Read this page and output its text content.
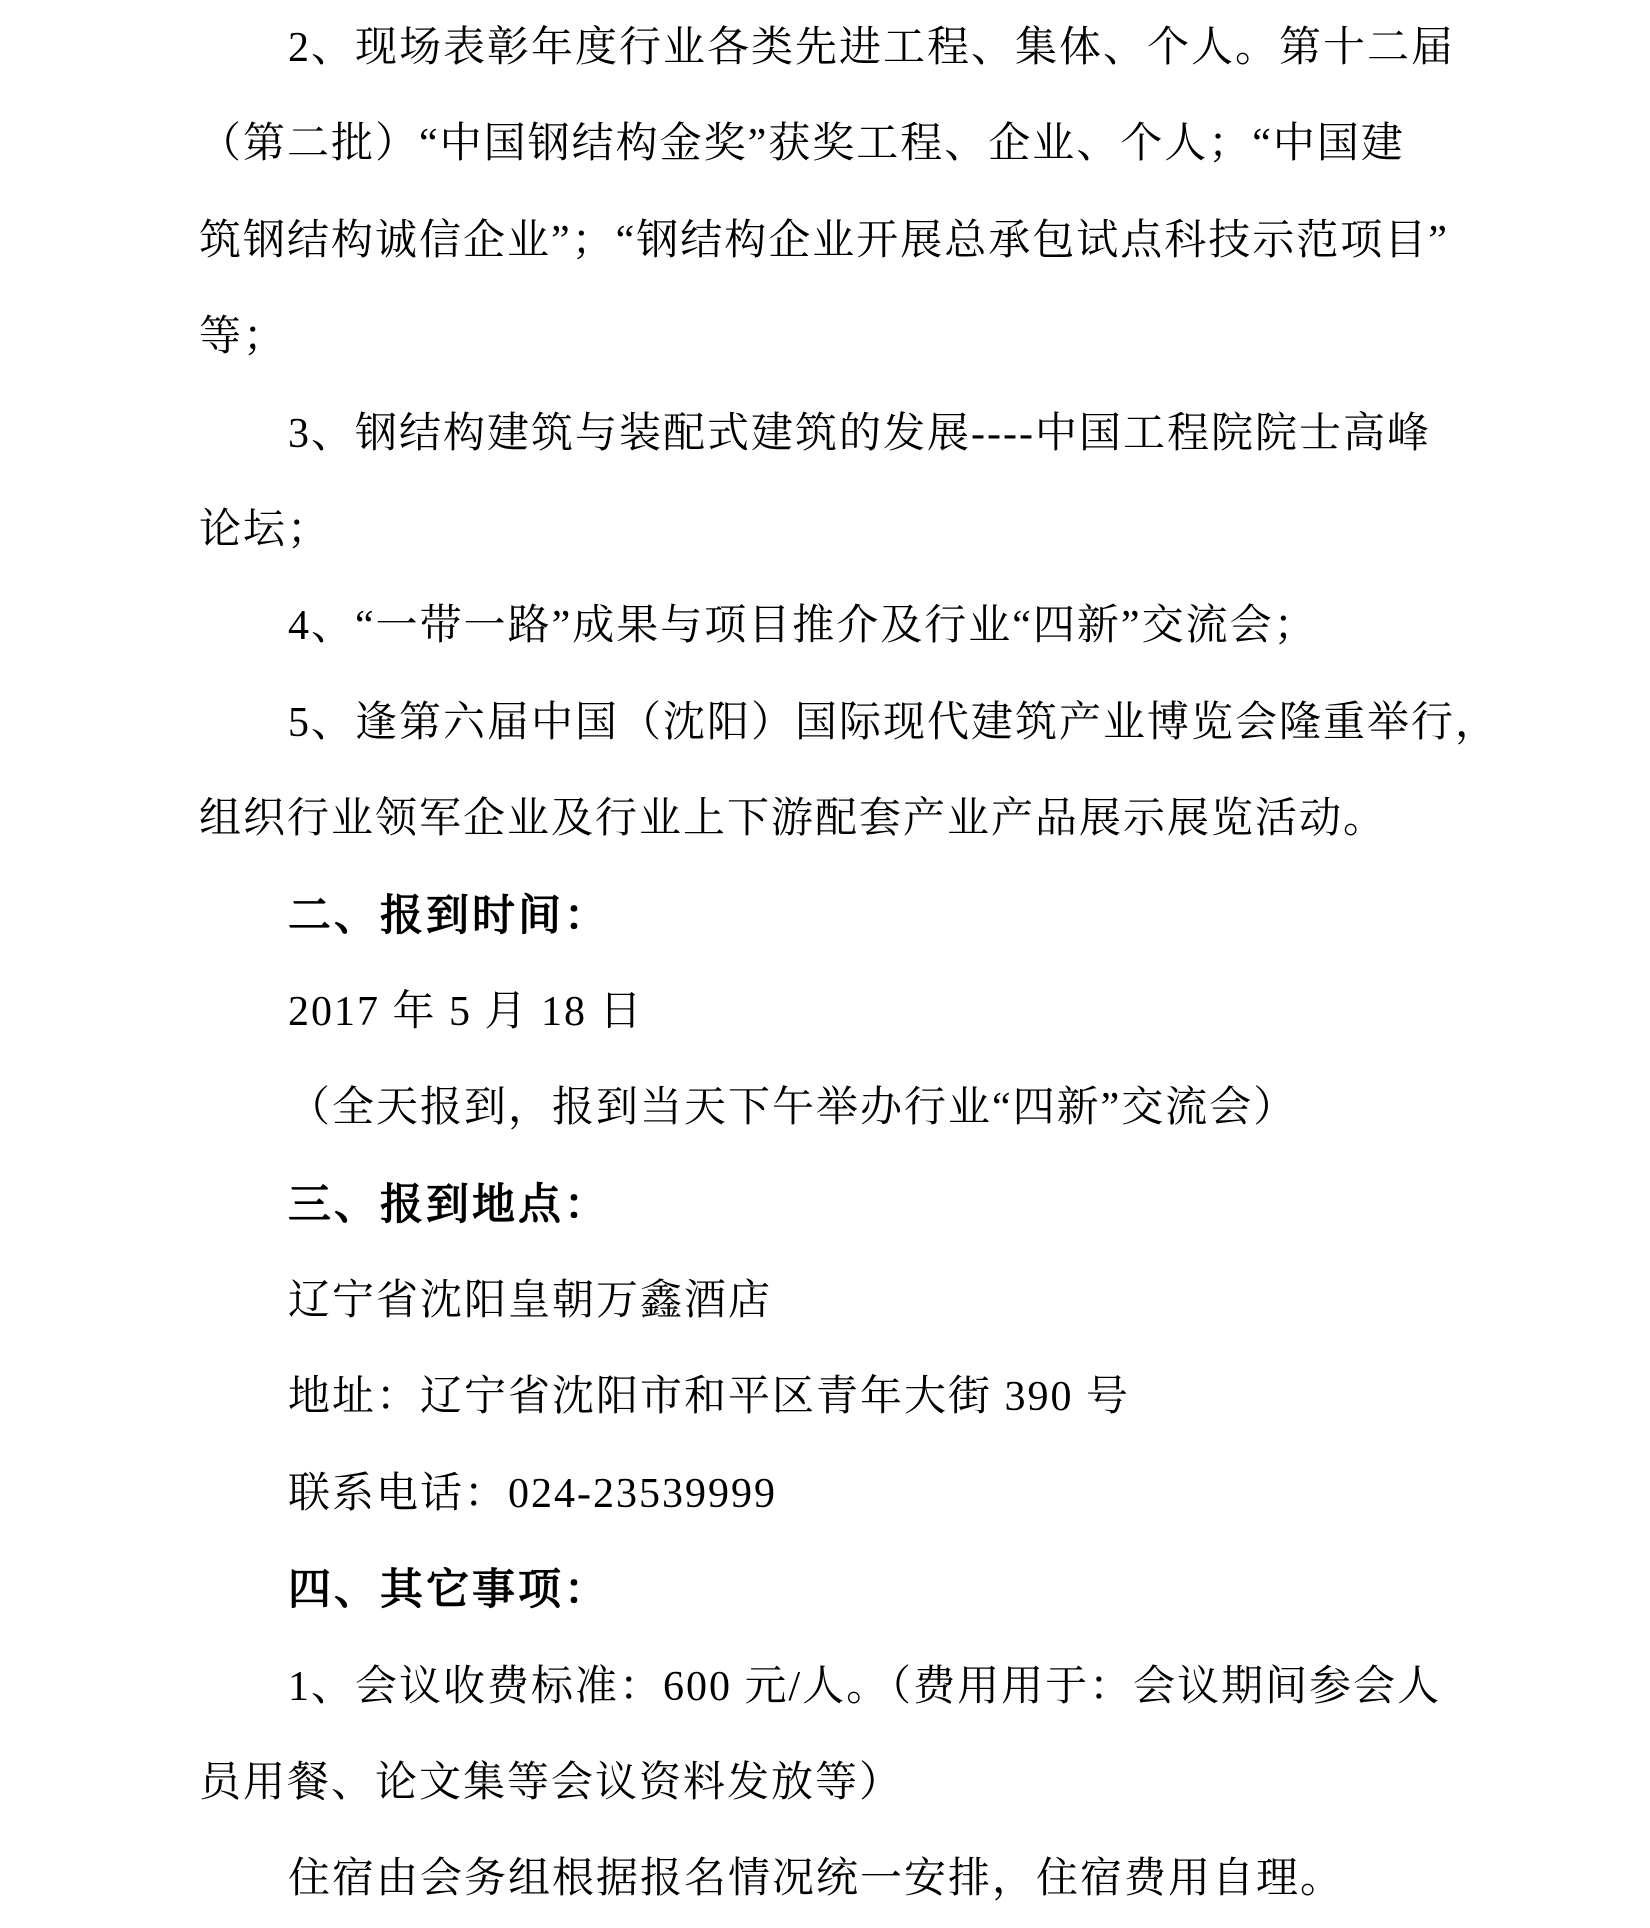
2、现场表彰年度行业各类先进工程、集体、个人。第十二届
（第二批）“中国钢结构金奖”获奖工程、企业、个人；“中国建
筑钢结构诚信企业”；“钢结构企业开展总承包试点科技示范项目”
等；
3、钢结构建筑与装配式建筑的发展----中国工程院院士高峰
论坛；
4、“一带一路”成果与项目推介及行业“四新”交流会；
5、逢第六届中国（沈阳）国际现代建筑产业博览会隆重举行，
组织行业领军企业及行业上下游配套产业产品展示展览活动。
二、报到时间：
2017 年 5 月 18 日
（全天报到，报到当天下午举办行业“四新”交流会）
三、报到地点：
辽宁省沈阳皇朝万鑫酒店
地址：辽宁省沈阳市和平区青年大街 390 号
联系电话：024-23539999
四、其它事项：
1、会议收费标准：600 元/人。（费用用于：会议期间参会人
员用餐、论文集等会议资料发放等）
住宿由会务组根据报名情况统一安排，住宿费用自理。
